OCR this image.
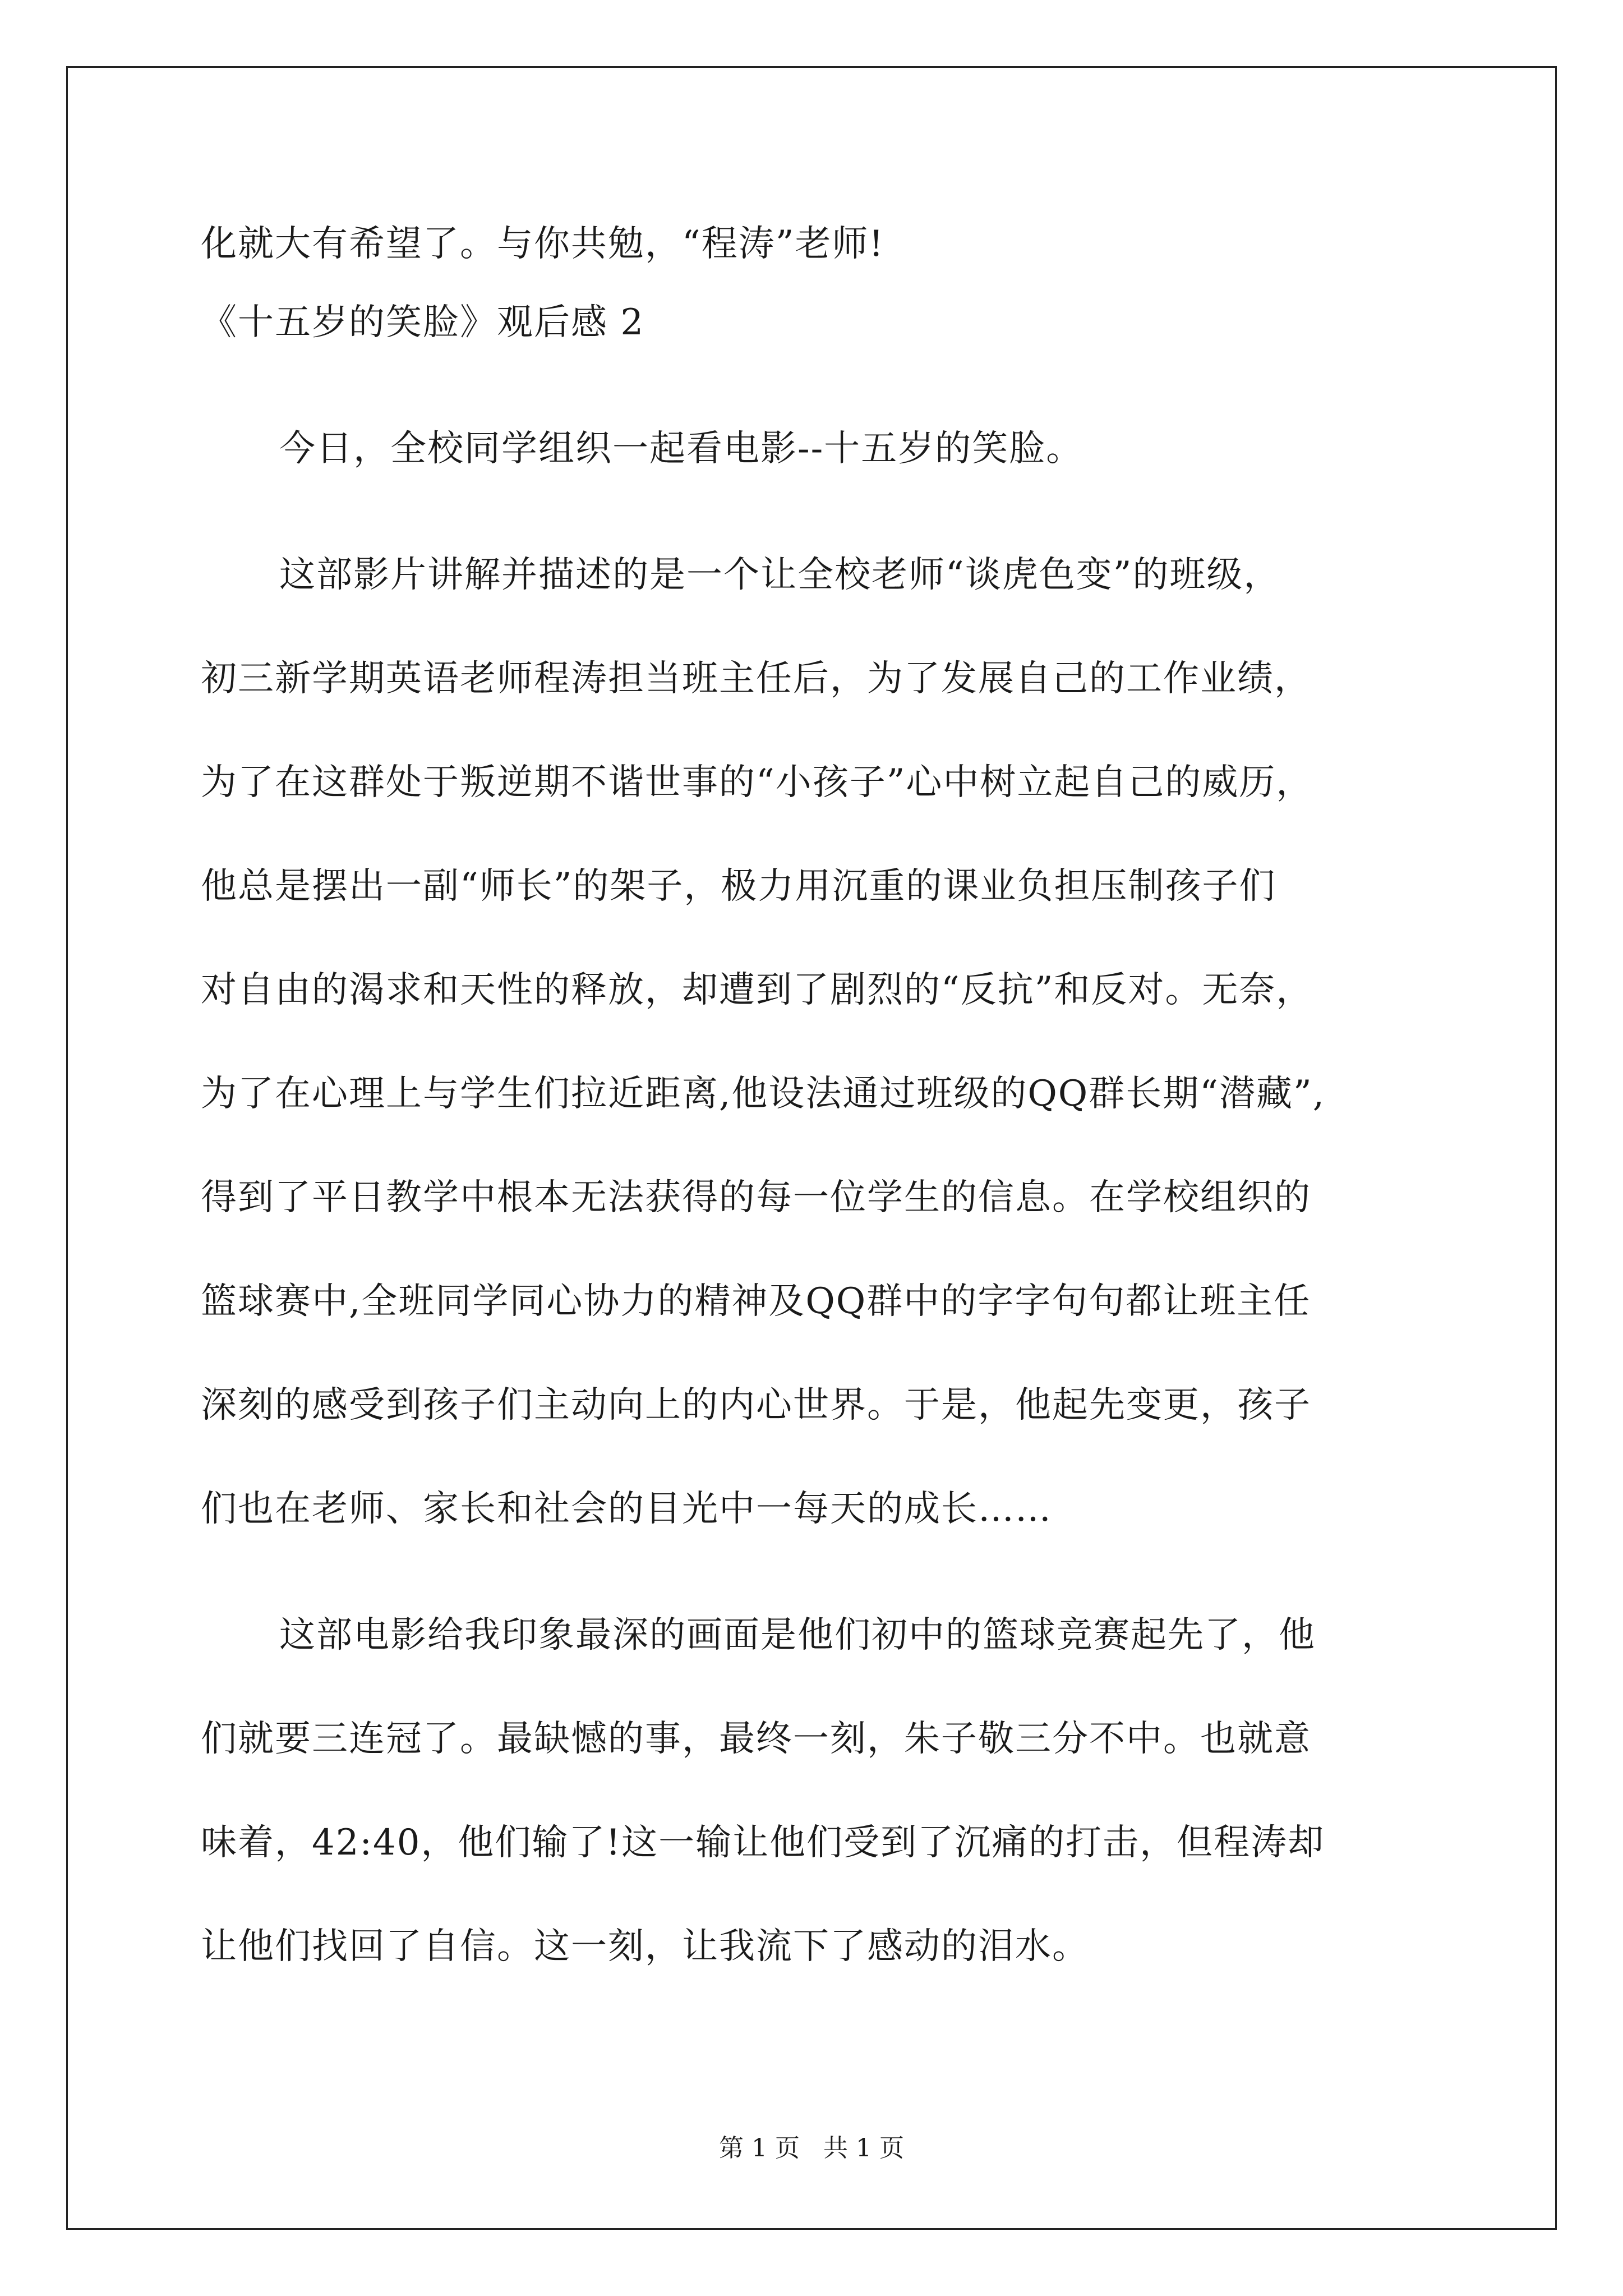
化就大有希望了。与你共勉，“程涛”老师!
《十五岁的笑脸》观后感 2
今日，全校同学组织一起看电影--十五岁的笑脸。
这部影片讲解并描述的是一个让全校老师“谈虎色变”的班级，
初三新学期英语老师程涛担当班主任后，为了发展自己的工作业绩，
为了在这群处于叛逆期不谐世事的“小孩子”心中树立起自己的威历，
他总是摆出一副“师长”的架子，极力用沉重的课业负担压制孩子们
对自由的渴求和天性的释放，却遭到了剧烈的“反抗”和反对。无奈，
为了在心理上与学生们拉近距离,他设法通过班级的QQ群长期“潜藏”,
得到了平日教学中根本无法获得的每一位学生的信息。在学校组织的
篮球赛中,全班同学同心协力的精神及QQ群中的字字句句都让班主任
深刻的感受到孩子们主动向上的内心世界。于是，他起先变更，孩子
们也在老师、家长和社会的目光中一每天的成长……
这部电影给我印象最深的画面是他们初中的篮球竞赛起先了，他
们就要三连冠了。最缺憾的事，最终一刻，朱子敬三分不中。也就意
味着，42:40，他们输了!这一输让他们受到了沉痛的打击，但程涛却
让他们找回了自信。这一刻，让我流下了感动的泪水。
第 1 页   共 1 页
